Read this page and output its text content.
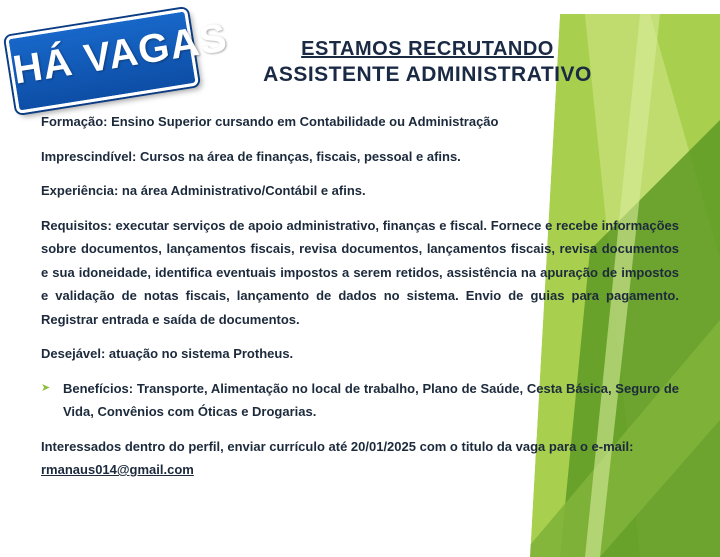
HÁ VAGAS	ESTAMOS RECRUTANDO
ASSISTENTE ADMINISTRATIVO

Formação: Ensino Superior cursando em Contabilidade ou Administração

Imprescindível: Cursos na área de finanças, fiscais, pessoal e afins.

Experiência: na área Administrativo/Contábil e afins.

Requisitos: executar serviços de apoio administrativo, finanças e fiscal. Fornece e recebe informações sobre documentos, lançamentos fiscais, revisa documentos, lançamentos fiscais, revisa documentos e sua idoneidade, identifica eventuais impostos a serem retidos, assistência na apuração de impostos e validação de notas fiscais, lançamento de dados no sistema. Envio de guias para pagamento. Registrar entrada e saída de documentos.

Desejável: atuação no sistema Protheus.

➤ Benefícios: Transporte, Alimentação no local de trabalho, Plano de Saúde, Cesta Básica, Seguro de Vida, Convênios com Óticas e Drogarias.

Interessados dentro do perfil, enviar currículo até 20/01/2025 com o titulo da vaga para o e-mail:
rmanaus014@gmail.com
